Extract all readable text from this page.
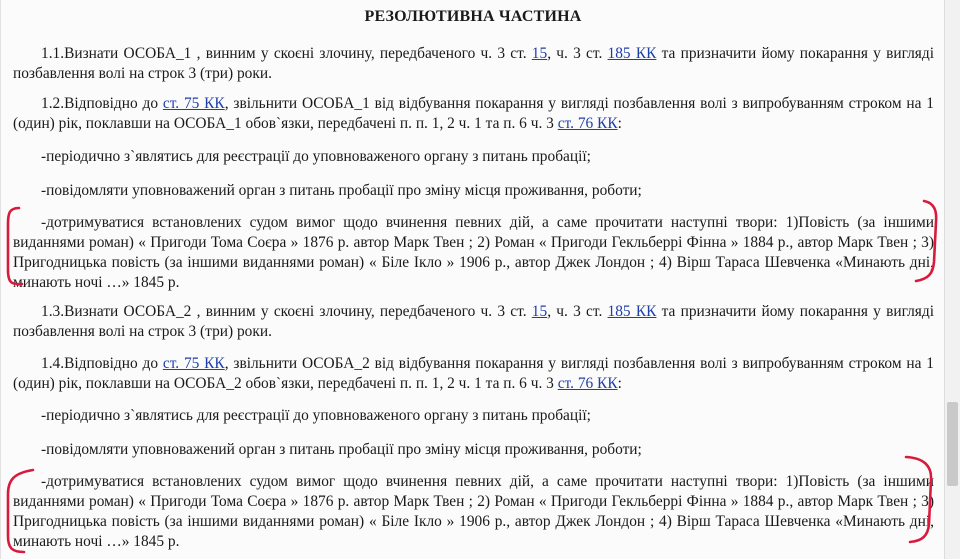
РЕЗОЛЮТИВНА ЧАСТИНА

1.1.Визнати ОСОБА_1 , винним у скоєні злочину, передбаченого ч. 3 ст. 15, ч. 3 ст. 185 КК та призначити йому покарання у вигляді позбавлення волі на строк 3 (три) роки.

1.2.Відповідно до ст. 75 КК, звільнити ОСОБА_1 від відбування покарання у вигляді позбавлення волі з випробуванням строком на 1 (один) рік, поклавши на ОСОБА_1 обов`язки, передбачені п. п. 1, 2 ч. 1 та п. 6 ч. 3 ст. 76 КК:

-періодично з`являтись для реєстрації до уповноваженого органу з питань пробації;

-повідомляти уповноважений орган з питань пробації про зміну місця проживання, роботи;

-дотримуватися встановлених судом вимог щодо вчинення певних дій, а саме прочитати наступні твори: 1)Повість (за іншими виданнями роман) « Пригоди Тома Соєра » 1876 р. автор Марк Твен ; 2) Роман « Пригоди Гекльберрі Фінна » 1884 р., автор Марк Твен ; 3) Пригодницька повість (за іншими виданнями роман) « Біле Ікло » 1906 р., автор Джек Лондон ; 4) Вірш Тараса Шевченка «Минають дні, минають ночі …» 1845 р.

1.3.Визнати ОСОБА_2 , винним у скоєні злочину, передбаченого ч. 3 ст. 15, ч. 3 ст. 185 КК та призначити йому покарання у вигляді позбавлення волі на строк 3 (три) роки.

1.4.Відповідно до ст. 75 КК, звільнити ОСОБА_2 від відбування покарання у вигляді позбавлення волі з випробуванням строком на 1 (один) рік, поклавши на ОСОБА_2 обов`язки, передбачені п. п. 1, 2 ч. 1 та п. 6 ч. 3 ст. 76 КК:

-періодично з`являтись для реєстрації до уповноваженого органу з питань пробації;

-повідомляти уповноважений орган з питань пробації про зміну місця проживання, роботи;

-дотримуватися встановлених судом вимог щодо вчинення певних дій, а саме прочитати наступні твори: 1)Повість (за іншими виданнями роман) « Пригоди Тома Соєра » 1876 р. автор Марк Твен ; 2) Роман « Пригоди Гекльберрі Фінна » 1884 р., автор Марк Твен ; 3) Пригодницька повість (за іншими виданнями роман) « Біле Ікло » 1906 р., автор Джек Лондон ; 4) Вірш Тараса Шевченка «Минають дні, минають ночі …» 1845 р.
